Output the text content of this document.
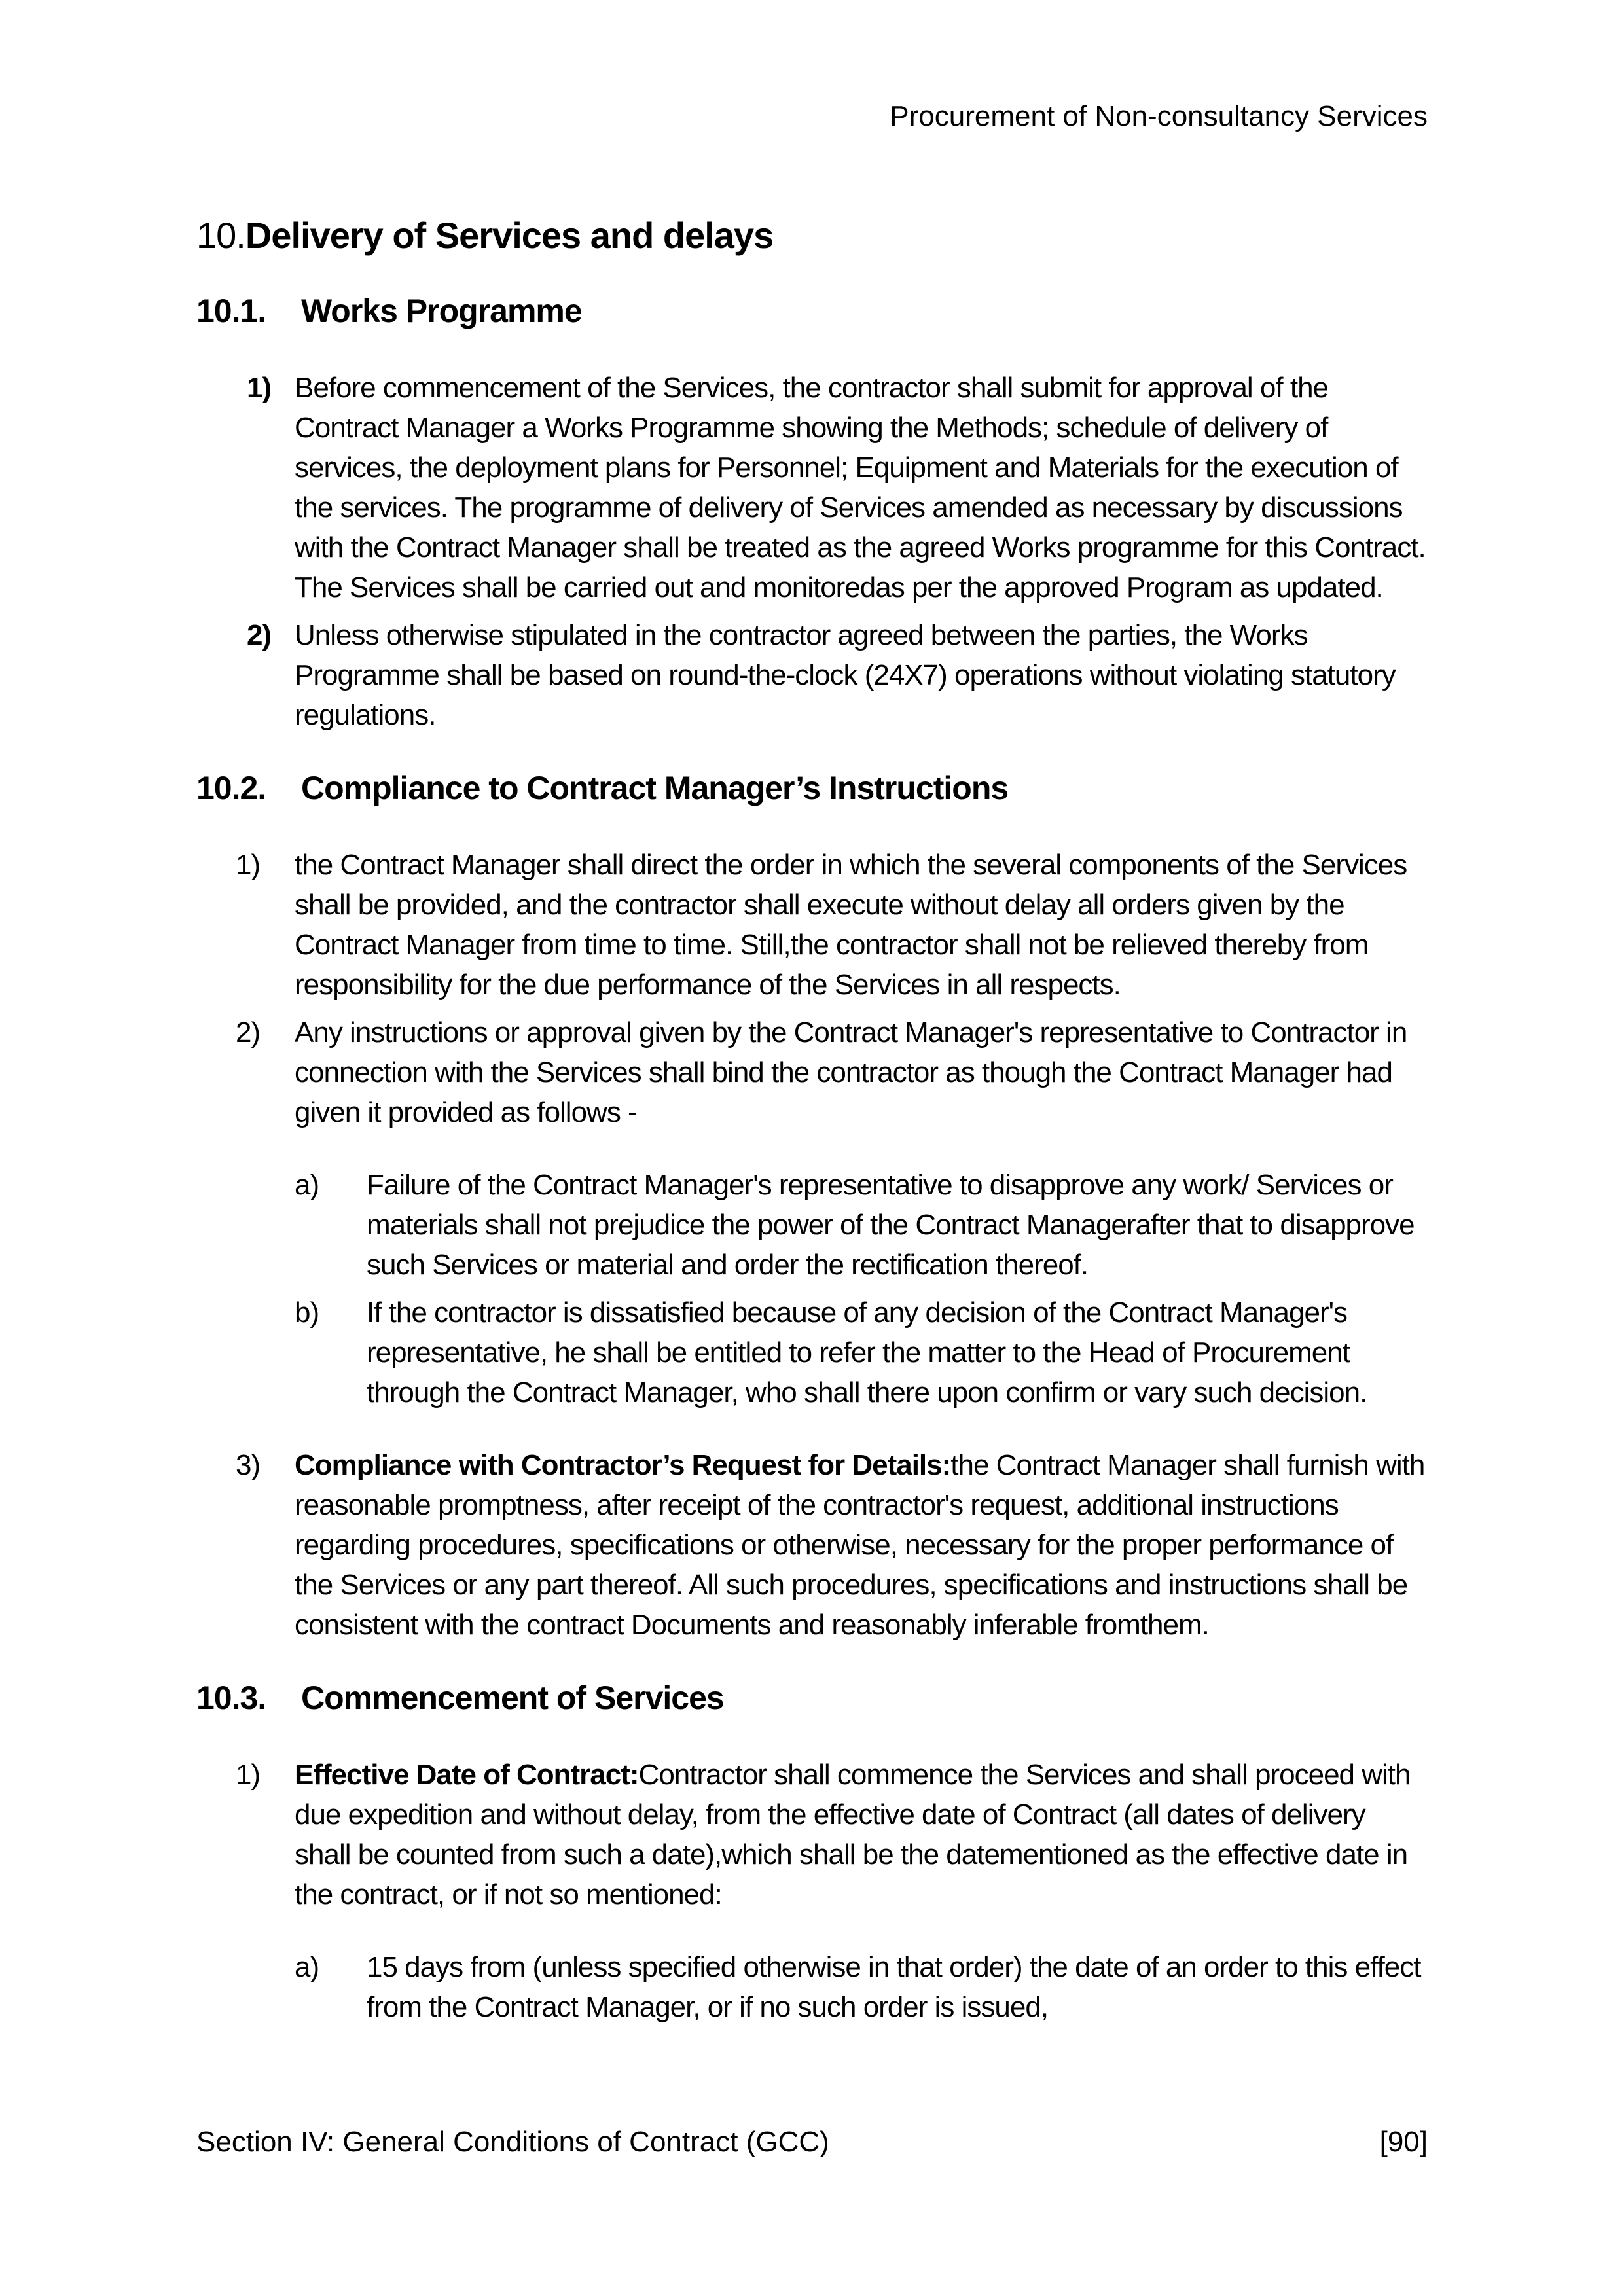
Procurement of Non-consultancy Services
10.Delivery of Services and delays
10.1.	Works Programme
1) Before commencement of the Services, the contractor shall submit for approval of the Contract Manager a Works Programme showing the Methods; schedule of delivery of services, the deployment plans for Personnel; Equipment and Materials for the execution of the services. The programme of delivery of Services amended as necessary by discussions with the Contract Manager shall be treated as the agreed Works programme for this Contract. The Services shall be carried out and monitoredas per the approved Program as updated.
2) Unless otherwise stipulated in the contractor agreed between the parties, the Works Programme shall be based on round-the-clock (24X7) operations without violating statutory regulations.
10.2.	Compliance to Contract Manager’s Instructions
1)	the Contract Manager shall direct the order in which the several components of the Services shall be provided, and the contractor shall execute without delay all orders given by the Contract Manager from time to time. Still,the contractor shall not be relieved thereby from responsibility for the due performance of the Services in all respects.
2)	Any instructions or approval given by the Contract Manager's representative to Contractor in connection with the Services shall bind the contractor as though the Contract Manager had given it provided as follows -
a)	Failure of the Contract Manager's representative to disapprove any work/ Services or materials shall not prejudice the power of the Contract Managerafter that to disapprove such Services or material and order the rectification thereof.
b)	If the contractor is dissatisfied because of any decision of the Contract Manager's representative, he shall be entitled to refer the matter to the Head of Procurement through the Contract Manager, who shall there upon confirm or vary such decision.
3)	Compliance with Contractor’s Request for Details:the Contract Manager shall furnish with reasonable promptness, after receipt of the contractor's request, additional instructions regarding procedures, specifications or otherwise, necessary for the proper performance of the Services or any part thereof. All such procedures, specifications and instructions shall be consistent with the contract Documents and reasonably inferable fromthem.
10.3.	Commencement of Services
1)	Effective Date of Contract:Contractor shall commence the Services and shall proceed with due expedition and without delay, from the effective date of Contract (all dates of delivery shall be counted from such a date),which shall be the datementioned as the effective date in the contract, or if not so mentioned:
a)	15 days from (unless specified otherwise in that order) the date of an order to this effect from the Contract Manager, or if no such order is issued,
Section IV: General Conditions of Contract (GCC)	[90]
